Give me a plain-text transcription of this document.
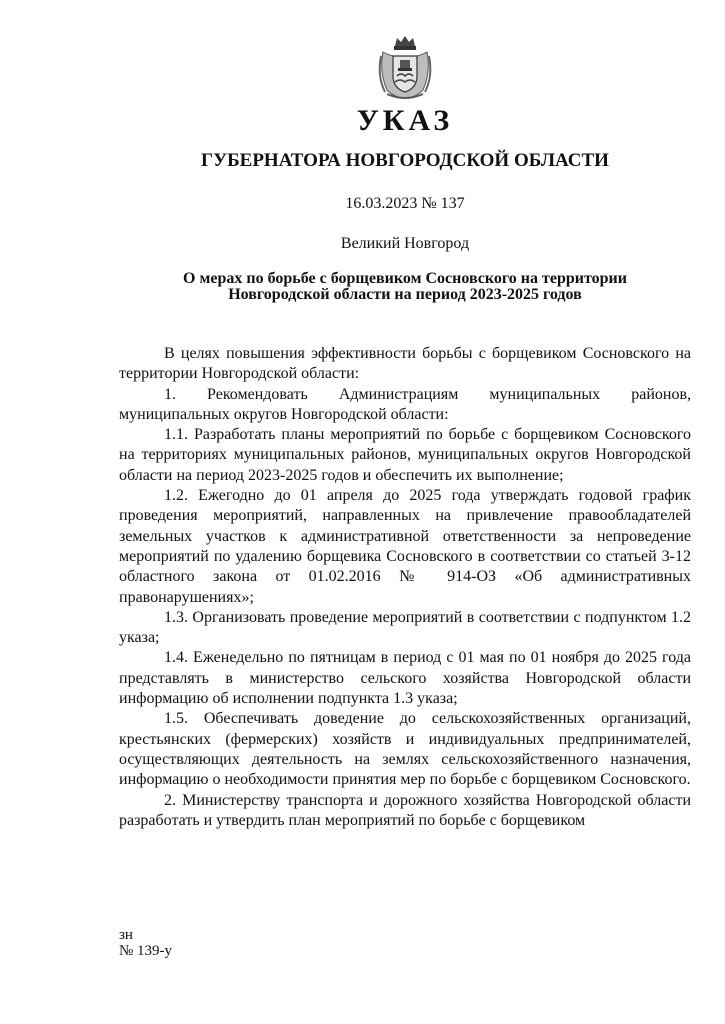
УКАЗ
ГУБЕРНАТОРА НОВГОРОДСКОЙ ОБЛАСТИ
16.03.2023 № 137
Великий Новгород
О мерах по борьбе с борщевиком Сосновского на территории
Новгородской области на период 2023-2025 годов

В целях повышения эффективности борьбы с борщевиком Сосновского на территории Новгородской области:

1. Рекомендовать Администрациям муниципальных районов, муниципальных округов Новгородской области:

1.1. Разработать планы мероприятий по борьбе с борщевиком Сосновского на территориях муниципальных районов, муниципальных округов Новгородской области на период 2023-2025 годов и обеспечить их выполнение;

1.2. Ежегодно до 01 апреля до 2025 года утверждать годовой график проведения мероприятий, направленных на привлечение правообладателей земельных участков к административной ответственности за непроведение мероприятий по удалению борщевика Сосновского в соответствии со статьей 3-12 областного закона от 01.02.2016 № 914-ОЗ «Об административных правонарушениях»;

1.3. Организовать проведение мероприятий в соответствии с подпунктом 1.2 указа;

1.4. Еженедельно по пятницам в период с 01 мая по 01 ноября до 2025 года представлять в министерство сельского хозяйства Новгородской области информацию об исполнении подпункта 1.3 указа;

1.5. Обеспечивать доведение до сельскохозяйственных организаций, крестьянских (фермерских) хозяйств и индивидуальных предпринимателей, осуществляющих деятельность на землях сельскохозяйственного назначения, информацию о необходимости принятия мер по борьбе с борщевиком Сосновского.

2. Министерству транспорта и дорожного хозяйства Новгородской области разработать и утвердить план мероприятий по борьбе с борщевиком

зн
№ 139-у
